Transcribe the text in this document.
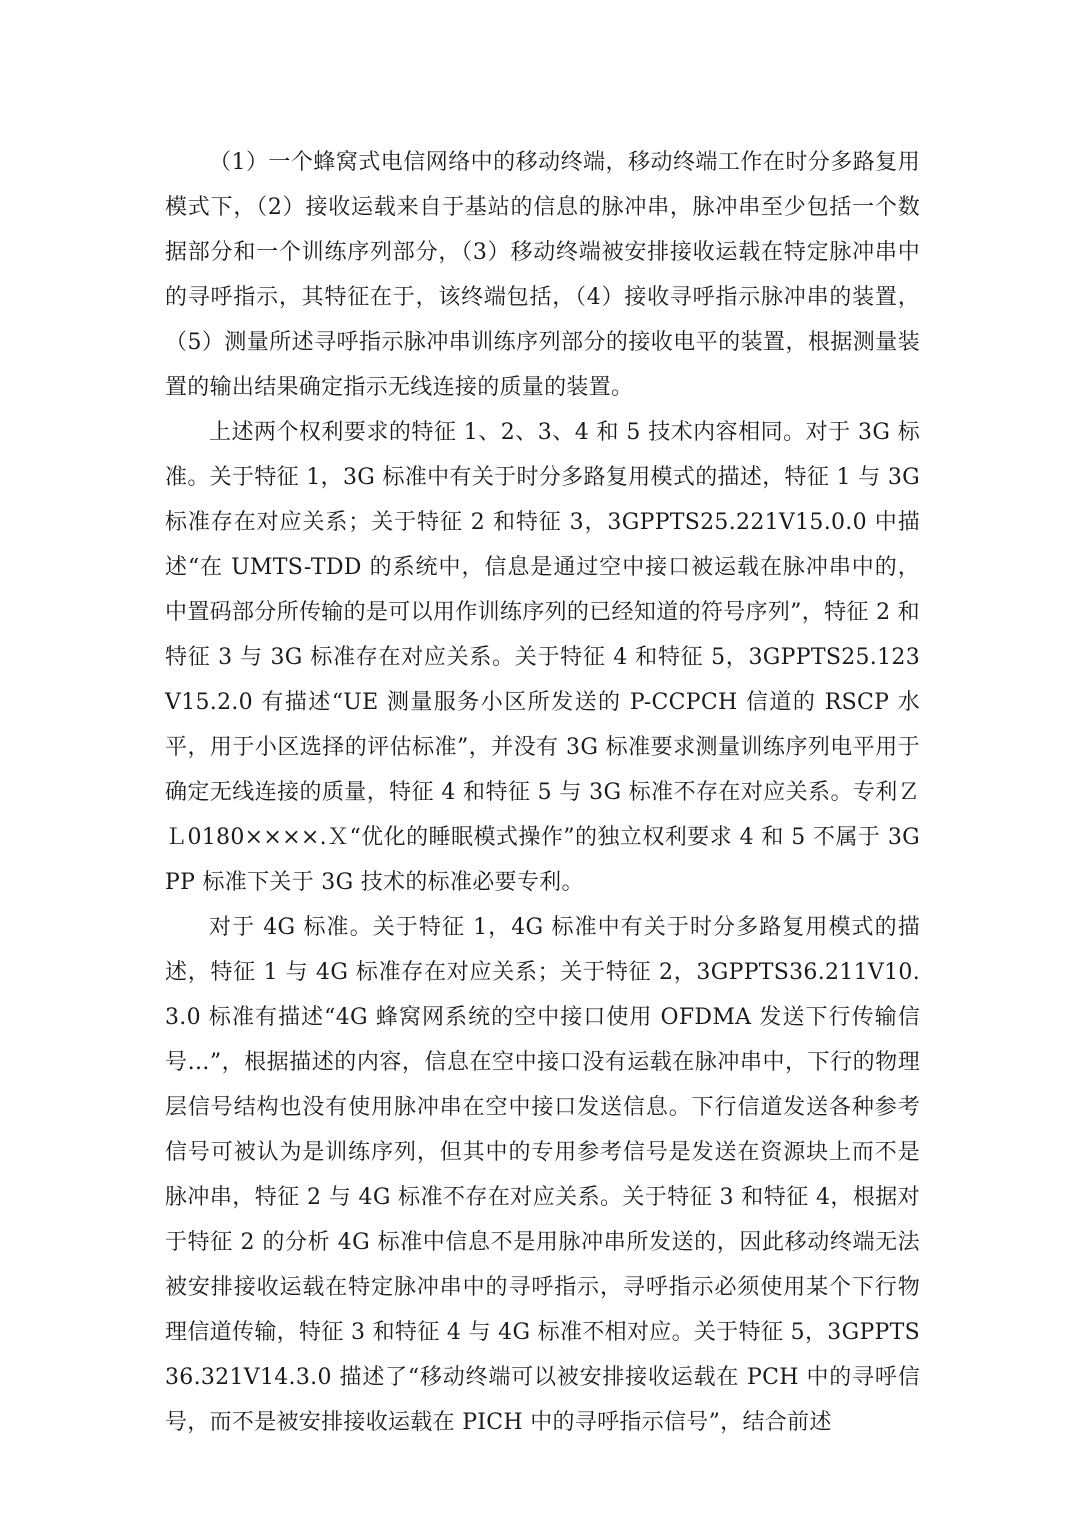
（1）一个蜂窝式电信网络中的移动终端，移动终端工作在时分多路复用模式下，（2）接收运载来自于基站的信息的脉冲串，脉冲串至少包括一个数据部分和一个训练序列部分，（3）移动终端被安排接收运载在特定脉冲串中的寻呼指示，其特征在于，该终端包括，（4）接收寻呼指示脉冲串的装置，（5）测量所述寻呼指示脉冲串训练序列部分的接收电平的装置，根据测量装置的输出结果确定指示无线连接的质量的装置。

上述两个权利要求的特征 1、2、3、4 和 5 技术内容相同。对于 3G 标准。关于特征 1，3G 标准中有关于时分多路复用模式的描述，特征 1 与 3G 标准存在对应关系；关于特征 2 和特征 3，3GPPTS25.221V15.0.0 中描述“在 UMTS-TDD 的系统中，信息是通过空中接口被运载在脉冲串中的，中置码部分所传输的是可以用作训练序列的已经知道的符号序列”，特征 2 和特征 3 与 3G 标准存在对应关系。关于特征 4 和特征 5，3GPPTS25.123V15.2.0 有描述“UE 测量服务小区所发送的 P-CCPCH 信道的 RSCP 水平，用于小区选择的评估标准”，并没有 3G 标准要求测量训练序列电平用于确定无线连接的质量，特征 4 和特征 5 与 3G 标准不存在对应关系。专利ＺＬ0180××××.Ｘ“优化的睡眠模式操作”的独立权利要求 4 和 5 不属于 3GPP 标准下关于 3G 技术的标准必要专利。

对于 4G 标准。关于特征 1，4G 标准中有关于时分多路复用模式的描述，特征 1 与 4G 标准存在对应关系；关于特征 2，3GPPTS36.211V10.3.0 标准有描述“4G 蜂窝网系统的空中接口使用 OFDMA 发送下行传输信号…”，根据描述的内容，信息在空中接口没有运载在脉冲串中，下行的物理层信号结构也没有使用脉冲串在空中接口发送信息。下行信道发送各种参考信号可被认为是训练序列，但其中的专用参考信号是发送在资源块上而不是脉冲串，特征 2 与 4G 标准不存在对应关系。关于特征 3 和特征 4，根据对于特征 2 的分析 4G 标准中信息不是用脉冲串所发送的，因此移动终端无法被安排接收运载在特定脉冲串中的寻呼指示，寻呼指示必须使用某个下行物理信道传输，特征 3 和特征 4 与 4G 标准不相对应。关于特征 5，3GPPTS36.321V14.3.0 描述了“移动终端可以被安排接收运载在 PCH 中的寻呼信号，而不是被安排接收运载在 PICH 中的寻呼指示信号”，结合前述
